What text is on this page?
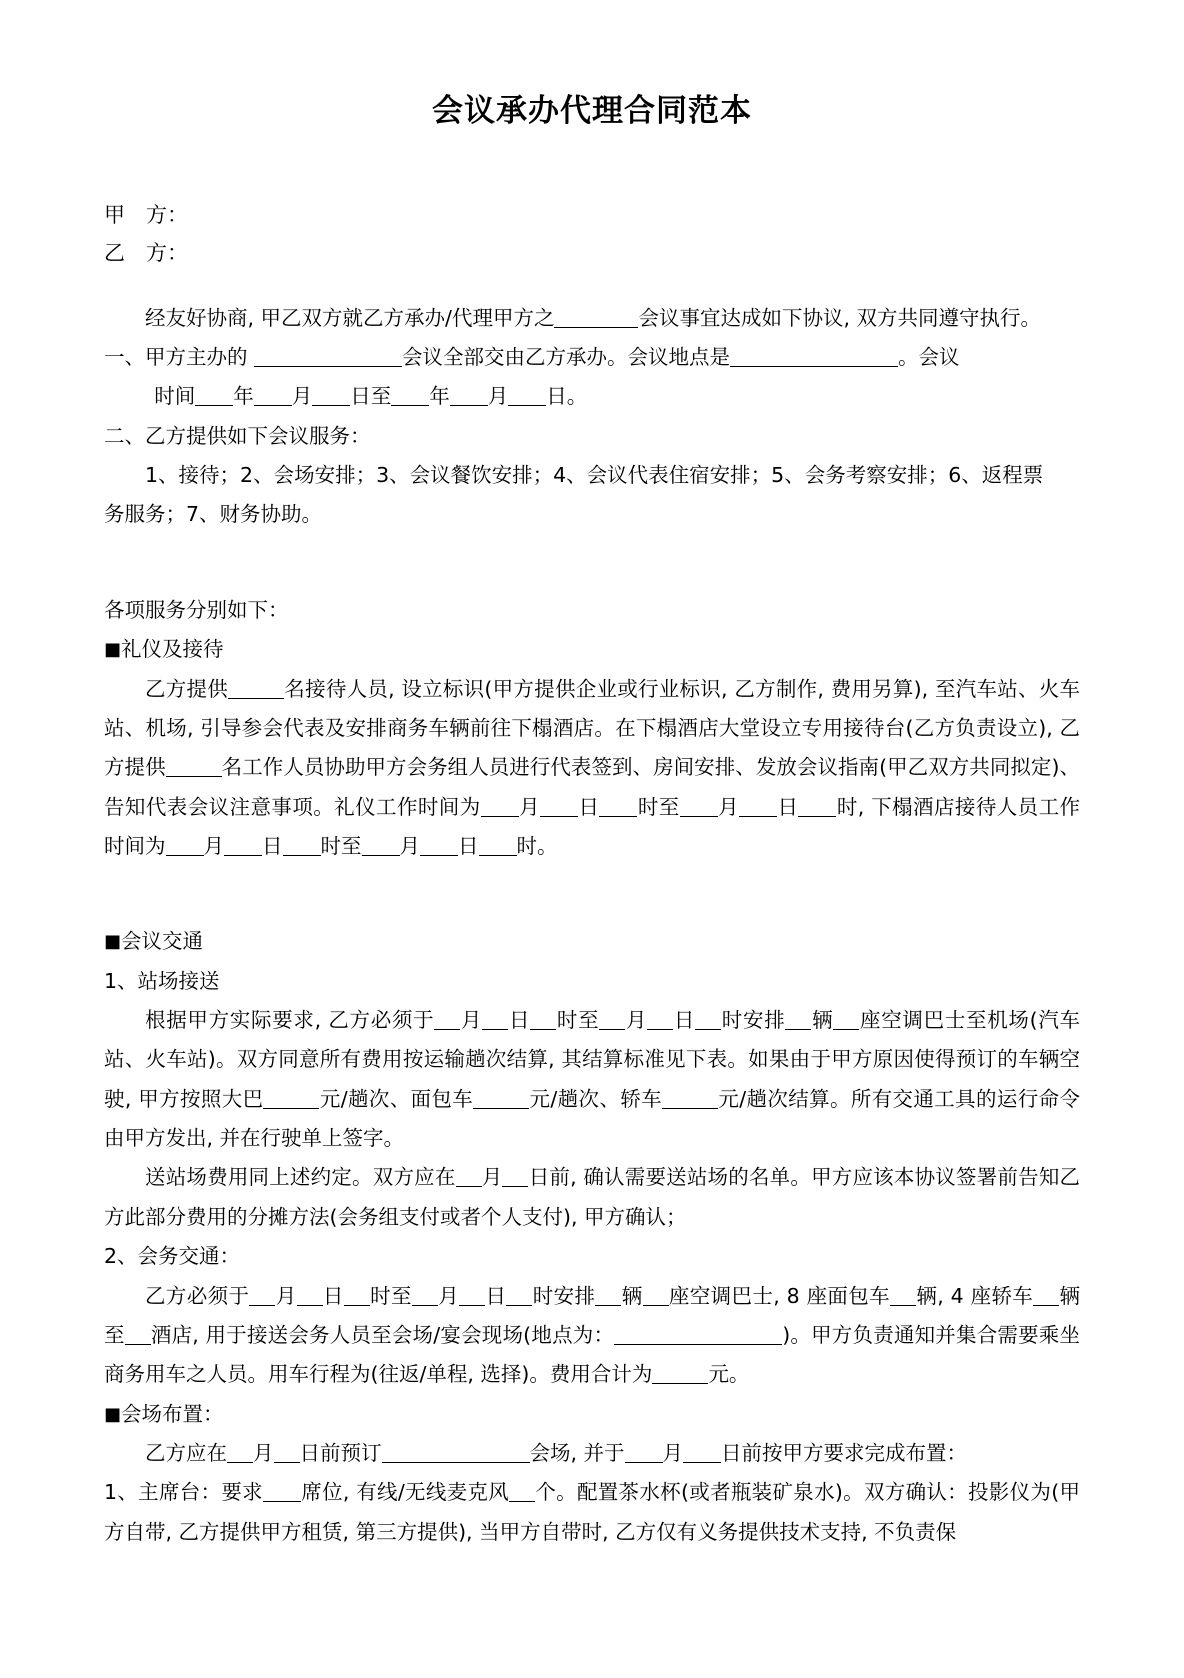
会议承办代理合同范本
甲　方：
乙　方：

经友好协商, 甲乙双方就乙方承办/代理甲方之	会议事宜达成如下协议, 双方共同遵守执行。

一、甲方主办的	会议全部交由乙方承办。会议地点是	。会议

时间 年 月 日至 年 月 日。

二、乙方提供如下会议服务：

1、接待；2、会场安排；3、会议餐饮安排；4、会议代表住宿安排；5、会务考察安排；6、返程票

务服务；7、财务协助。

各项服务分别如下：

■礼仪及接待

乙方提供	名接待人员, 设立标识(甲方提供企业或行业标识, 乙方制作, 费用另算), 至汽车站、火车站、机场, 引导参会代表及安排商务车辆前往下榻酒店。在下榻酒店大堂设立专用接待台(乙方负责设立), 乙方提供	名工作人员协助甲方会务组人员进行代表签到、房间安排、发放会议指南(甲乙双方共同拟定)、告知代表会议注意事项。礼仪工作时间为 月 日 时至 月 日 时, 下榻酒店接待人员工作时间为 月 日 时至 月 日 时。

■会议交通

1、站场接送

根据甲方实际要求, 乙方必须于 月 日 时至 月 日 时安排 辆 座空调巴士至机场(汽车站、火车站)。双方同意所有费用按运输趟次结算, 其结算标准见下表。如果由于甲方原因使得预订的车辆空驶, 甲方按照大巴	元/趟次、面包车	元/趟次、轿车	元/趟次结算。所有交通工具的运行命令由甲方发出, 并在行驶单上签字。

送站场费用同上述约定。双方应在 月 日前, 确认需要送站场的名单。甲方应该本协议签署前告知乙方此部分费用的分摊方法(会务组支付或者个人支付), 甲方确认；

2、会务交通：

乙方必须于 月 日 时至 月 日 时安排 辆 座空调巴士, 8 座面包车 辆, 4 座轿车 辆至 酒店, 用于接送会务人员至会场/宴会现场(地点为：	)。甲方负责通知并集合需要乘坐商务用车之人员。用车行程为(往返/单程, 选择)。费用合计为	元。

■会场布置：

乙方应在 月 日前预订	会场, 并于 月 日前按甲方要求完成布置：

1、主席台：要求 席位, 有线/无线麦克风 个。配置茶水杯(或者瓶装矿泉水)。双方确认：投影仪为(甲方自带, 乙方提供甲方租赁, 第三方提供), 当甲方自带时, 乙方仅有义务提供技术支持, 不负责保
